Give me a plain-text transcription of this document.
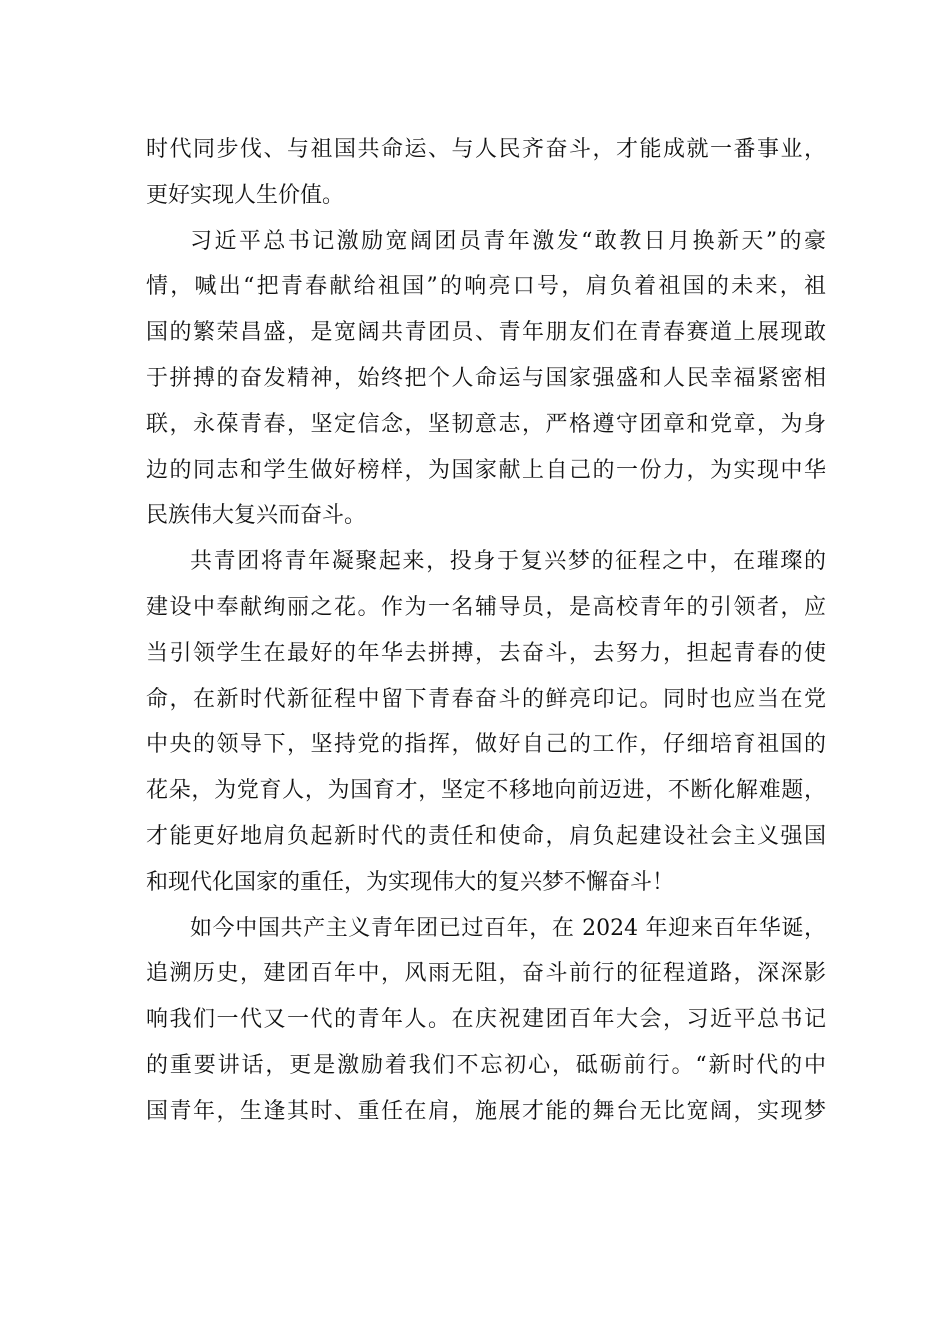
时代同步伐、与祖国共命运、与人民齐奋斗，才能成就一番事业，
更好实现人生价值。
习近平总书记激励宽阔团员青年激发“敢教日月换新天”的豪
情，喊出“把青春献给祖国”的响亮口号，肩负着祖国的未来，祖
国的繁荣昌盛，是宽阔共青团员、青年朋友们在青春赛道上展现敢
于拼搏的奋发精神，始终把个人命运与国家强盛和人民幸福紧密相
联，永葆青春，坚定信念，坚韧意志，严格遵守团章和党章，为身
边的同志和学生做好榜样，为国家献上自己的一份力，为实现中华
民族伟大复兴而奋斗。
共青团将青年凝聚起来，投身于复兴梦的征程之中，在璀璨的
建设中奉献绚丽之花。作为一名辅导员，是高校青年的引领者，应
当引领学生在最好的年华去拼搏，去奋斗，去努力，担起青春的使
命，在新时代新征程中留下青春奋斗的鲜亮印记。同时也应当在党
中央的领导下，坚持党的指挥，做好自己的工作，仔细培育祖国的
花朵，为党育人，为国育才，坚定不移地向前迈进，不断化解难题，
才能更好地肩负起新时代的责任和使命，肩负起建设社会主义强国
和现代化国家的重任，为实现伟大的复兴梦不懈奋斗！
如今中国共产主义青年团已过百年，在 2024 年迎来百年华诞，
追溯历史，建团百年中，风雨无阻，奋斗前行的征程道路，深深影
响我们一代又一代的青年人。在庆祝建团百年大会，习近平总书记
的重要讲话，更是激励着我们不忘初心，砥砺前行。“新时代的中
国青年，生逢其时、重任在肩，施展才能的舞台无比宽阔，实现梦
